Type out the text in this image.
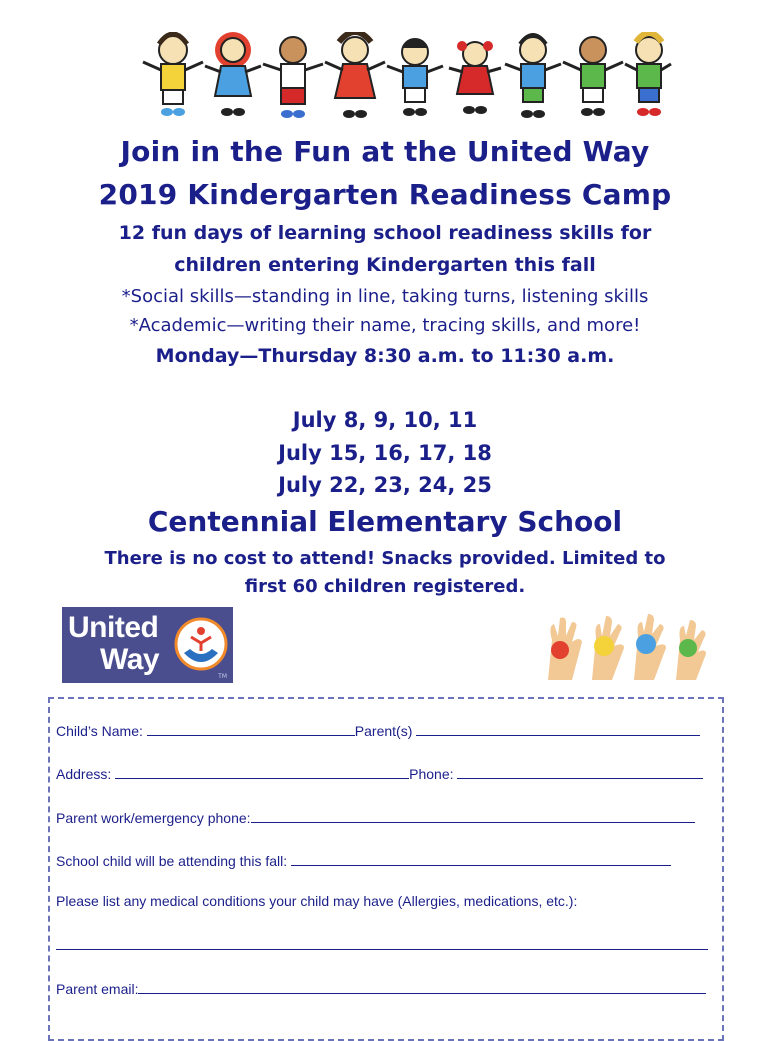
Join in the Fun at the United Way
2019 Kindergarten Readiness Camp
12 fun days of learning school readiness skills for
children entering Kindergarten this fall
*Social skills—standing in line, taking turns, listening skills
*Academic—writing their name, tracing skills, and more!
Monday—Thursday 8:30 a.m. to 11:30 a.m.
July 8, 9, 10, 11
July 15, 16, 17, 18
July 22, 23, 24, 25
Centennial Elementary School
There is no cost to attend! Snacks provided. Limited to
first 60 children registered.
United
Way
TM
Child’s Name:	Parent(s)
Address:	Phone:
Parent work/emergency phone:
School child will be attending this fall:
Please list any medical conditions your child may have (Allergies, medications, etc.):
Parent email:
